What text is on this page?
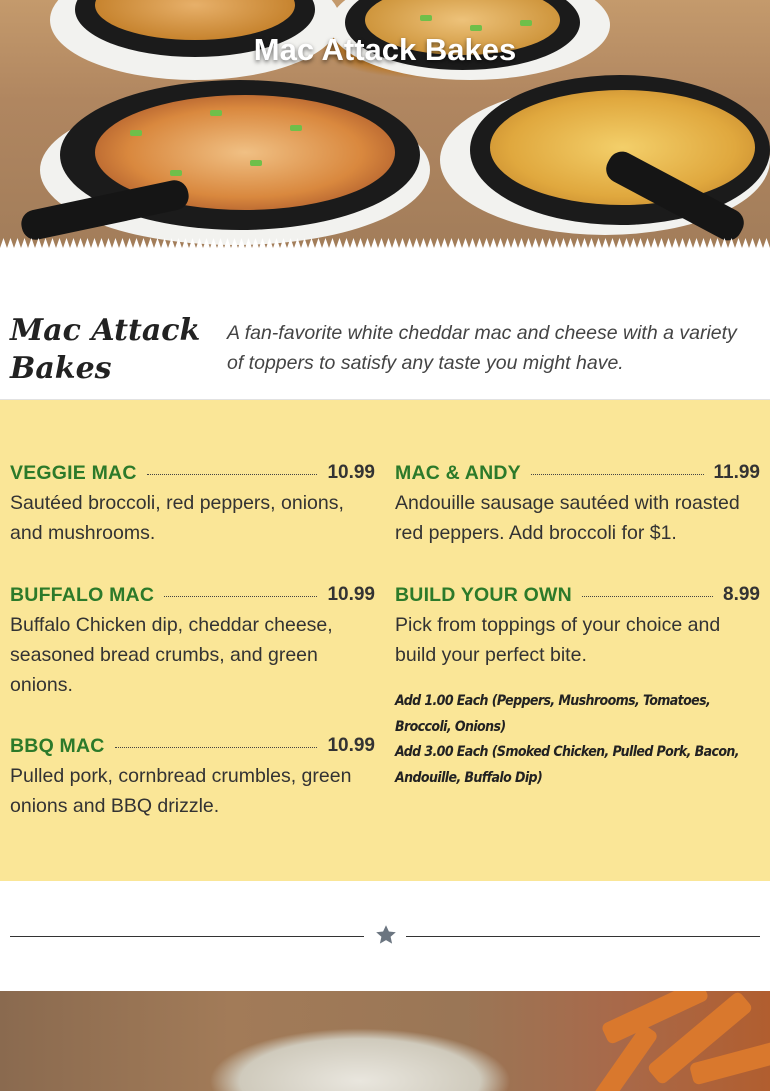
Mac Attack Bakes
Mac Attack Bakes
A fan-favorite white cheddar mac and cheese with a variety of toppers to satisfy any taste you might have.
VEGGIE MAC	10.99
Sautéed broccoli, red peppers, onions, and mushrooms.
BUFFALO MAC	10.99
Buffalo Chicken dip, cheddar cheese, seasoned bread crumbs, and green onions.
BBQ MAC	10.99
Pulled pork, cornbread crumbles, green onions and BBQ drizzle.
MAC & ANDY	11.99
Andouille sausage sautéed with roasted red peppers. Add broccoli for $1.
BUILD YOUR OWN	8.99
Pick from toppings of your choice and build your perfect bite.
Add 1.00 Each (Peppers, Mushrooms, Tomatoes, Broccoli, Onions)
Add 3.00 Each (Smoked Chicken, Pulled Pork, Bacon, Andouille, Buffalo Dip)
